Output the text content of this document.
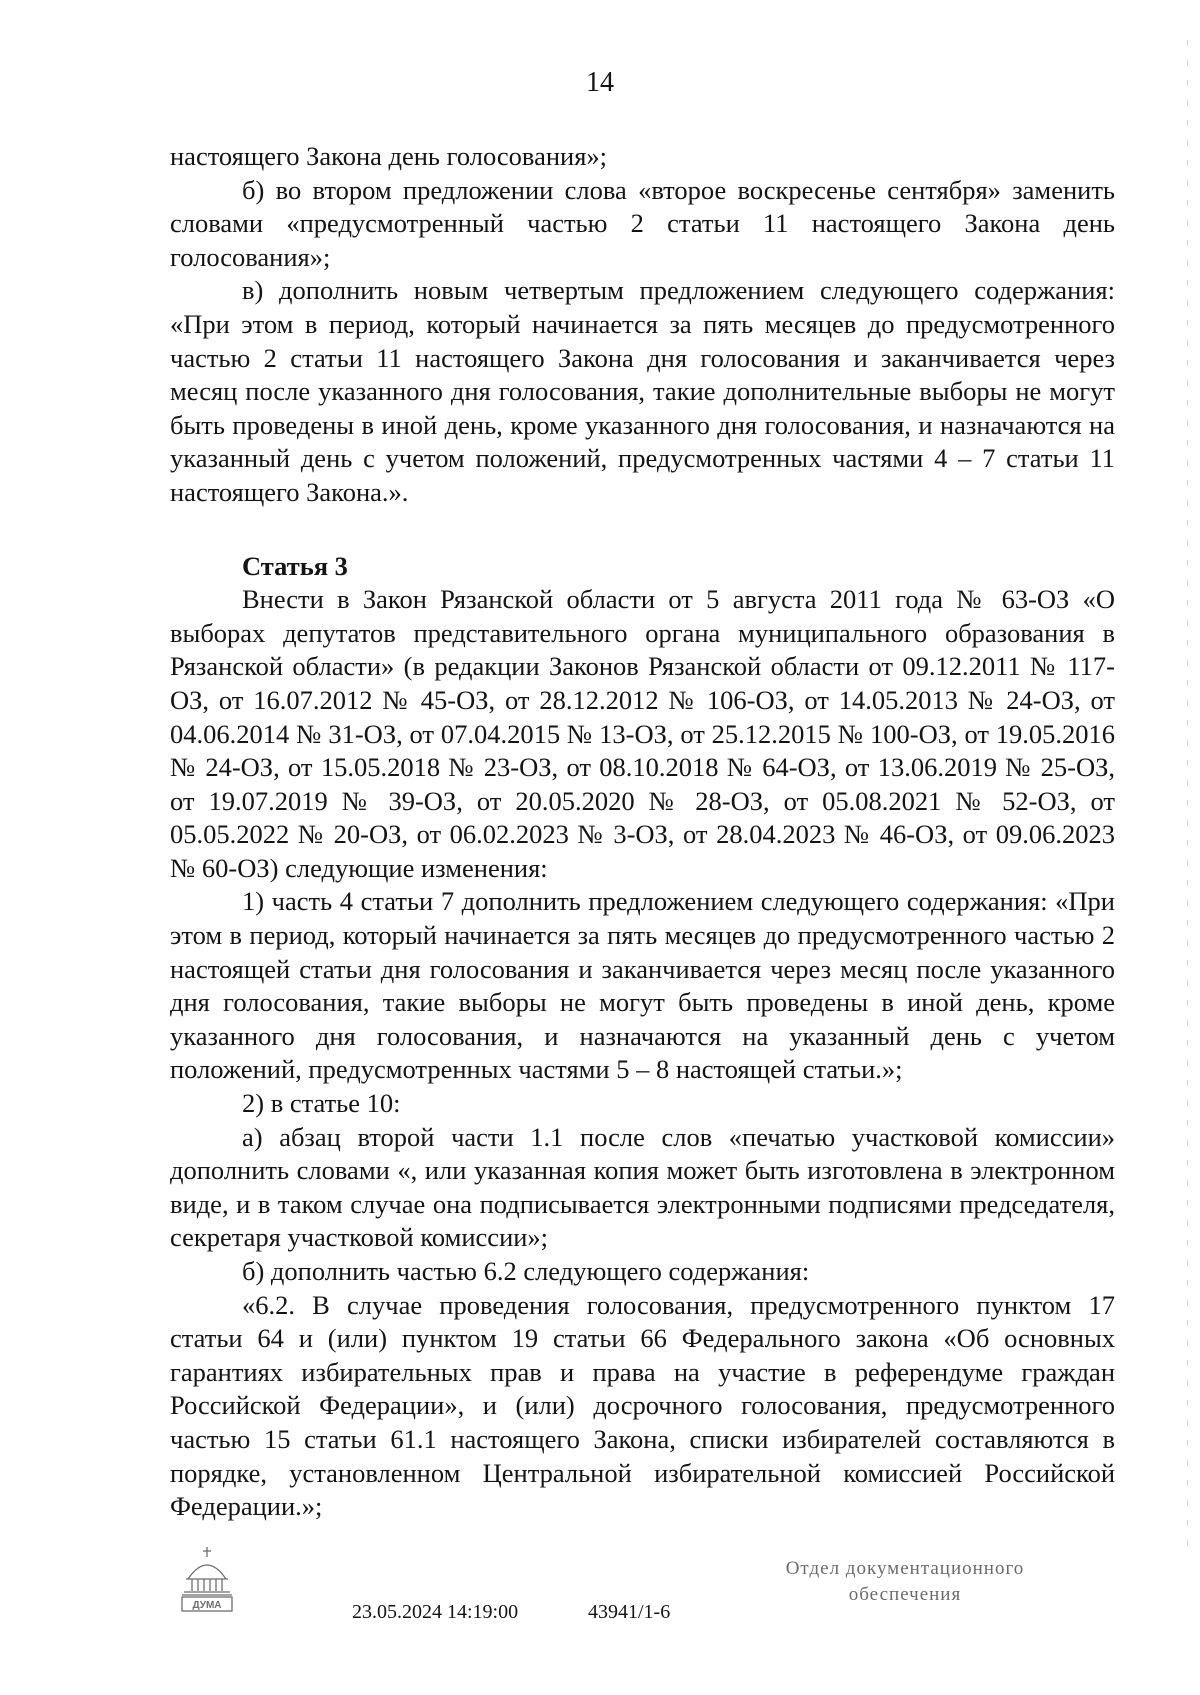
14

настоящего Закона день голосования»;

б) во втором предложении слова «второе воскресенье сентября» заменить словами «предусмотренный частью 2 статьи 11 настоящего Закона день голосования»;

в) дополнить новым четвертым предложением следующего содержания: «При этом в период, который начинается за пять месяцев до предусмотренного частью 2 статьи 11 настоящего Закона дня голосования и заканчивается через месяц после указанного дня голосования, такие дополнительные выборы не могут быть проведены в иной день, кроме указанного дня голосования, и назначаются на указанный день с учетом положений, предусмотренных частями 4 – 7 статьи 11 настоящего Закона.».

Статья 3

Внести в Закон Рязанской области от 5 августа 2011 года № 63-ОЗ «О выборах депутатов представительного органа муниципального образования в Рязанской области» (в редакции Законов Рязанской области от 09.12.2011 № 117-ОЗ, от 16.07.2012 № 45-ОЗ, от 28.12.2012 № 106-ОЗ, от 14.05.2013 № 24-ОЗ, от 04.06.2014 № 31-ОЗ, от 07.04.2015 № 13-ОЗ, от 25.12.2015 № 100-ОЗ, от 19.05.2016 № 24-ОЗ, от 15.05.2018 № 23-ОЗ, от 08.10.2018 № 64-ОЗ, от 13.06.2019 № 25-ОЗ, от 19.07.2019 № 39-ОЗ, от 20.05.2020 № 28-ОЗ, от 05.08.2021 № 52-ОЗ, от 05.05.2022 № 20-ОЗ, от 06.02.2023 № 3-ОЗ, от 28.04.2023 № 46-ОЗ, от 09.06.2023 № 60-ОЗ) следующие изменения:

1) часть 4 статьи 7 дополнить предложением следующего содержания: «При этом в период, который начинается за пять месяцев до предусмотренного частью 2 настоящей статьи дня голосования и заканчивается через месяц после указанного дня голосования, такие выборы не могут быть проведены в иной день, кроме указанного дня голосования, и назначаются на указанный день с учетом положений, предусмотренных частями 5 – 8 настоящей статьи.»;

2) в статье 10:

а) абзац второй части 1.1 после слов «печатью участковой комиссии» дополнить словами «, или указанная копия может быть изготовлена в электронном виде, и в таком случае она подписывается электронными подписями председателя, секретаря участковой комиссии»;

б) дополнить частью 6.2 следующего содержания:

«6.2. В случае проведения голосования, предусмотренного пунктом 17 статьи 64 и (или) пунктом 19 статьи 66 Федерального закона «Об основных гарантиях избирательных прав и права на участие в референдуме граждан Российской Федерации», и (или) досрочного голосования, предусмотренного частью 15 статьи 61.1 настоящего Закона, списки избирателей составляются в порядке, установленном Центральной избирательной комиссией Российской Федерации.»;

ДУМА	23.05.2024 14:19:00	43941/1-6
Отдел документационного
обеспечения
